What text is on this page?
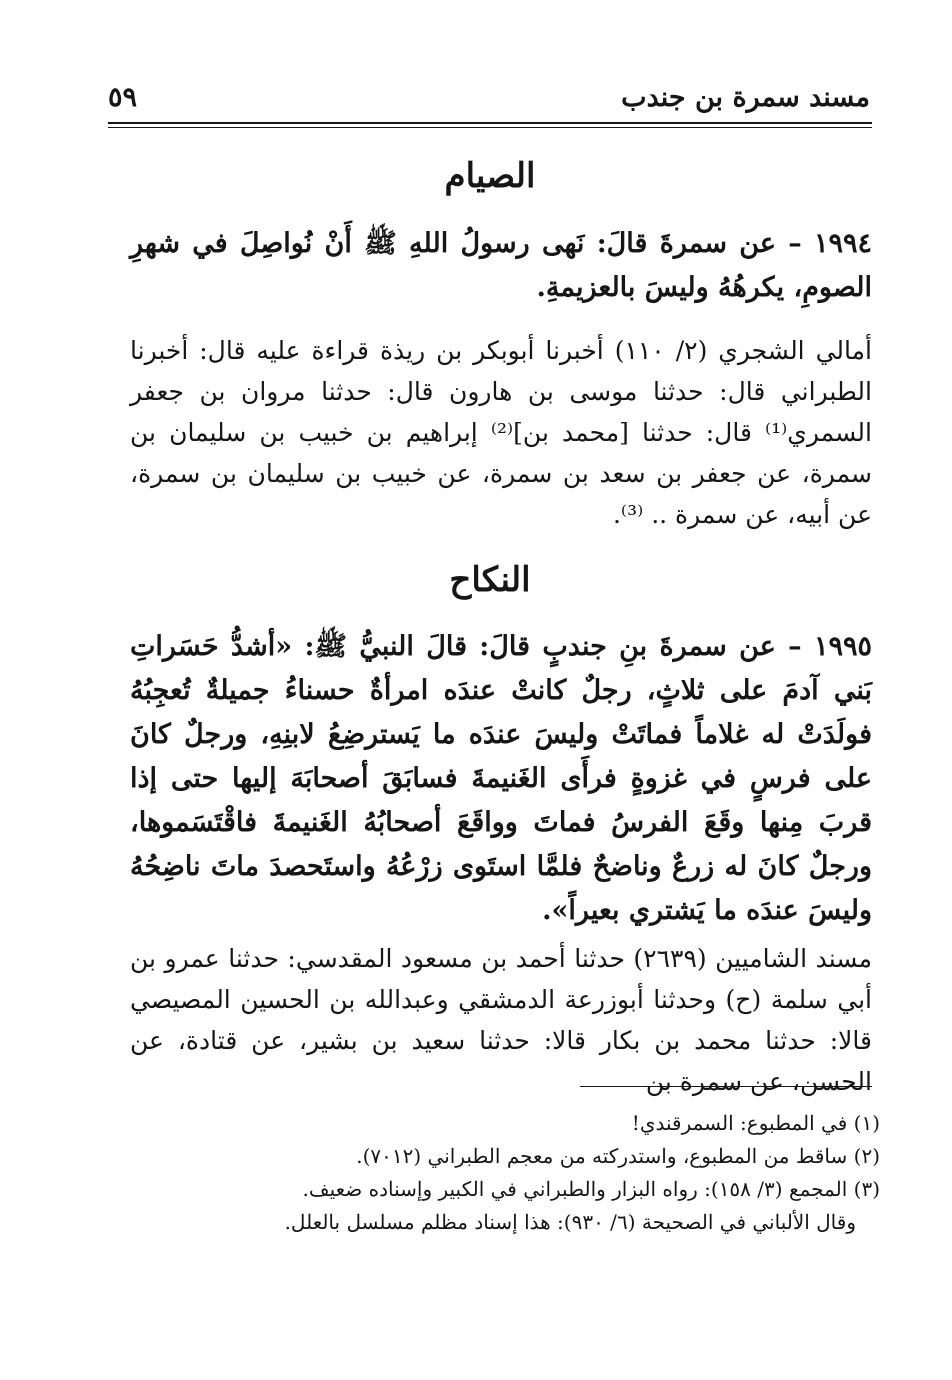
مسند سمرة بن جندب
٥٩
الصيام
١٩٩٤ – عن سمرةَ قالَ: نَهى رسولُ اللهِ ﷺ أَنْ نُواصِلَ في شهرِ الصومِ، يكرهُهُ وليسَ بالعزيمةِ.
أمالي الشجري (٢/ ١١٠) أخبرنا أبوبكر بن ريذة قراءة عليه قال: أخبرنا الطبراني قال: حدثنا موسى بن هارون قال: حدثنا مروان بن جعفر السمري⁽¹⁾ قال: حدثنا [محمد بن]⁽²⁾ إبراهيم بن خبيب بن سليمان بن سمرة، عن جعفر بن سعد بن سمرة، عن خبيب بن سليمان بن سمرة، عن أبيه، عن سمرة .. ⁽³⁾.
النكاح
١٩٩٥ – عن سمرةَ بنِ جندبٍ قالَ: قالَ النبيُّ ﷺ: «أشدُّ حَسَراتِ بَني آدمَ على ثلاثٍ، رجلٌ كانتْ عندَه امرأةٌ حسناءُ جميلةٌ تُعجِبُهُ فولَدَتْ له غلاماً فماتَتْ وليسَ عندَه ما يَسترضِعُ لابنِهِ، ورجلٌ كانَ على فرسٍ في غزوةٍ فرأَى الغَنيمةَ فسابَقَ أصحابَهَ إليها حتى إذا قربَ مِنها وقَعَ الفرسُ فماتَ وواقَعَ أصحابُهُ الغَنيمةَ فاقْتَسَموها، ورجلٌ كانَ له زرعٌ وناضحٌ فلمَّا استَوى زرْعُهُ واستَحصدَ ماتَ ناضِحُهُ وليسَ عندَه ما يَشتري بعيراً».
مسند الشاميين (٢٦٣٩) حدثنا أحمد بن مسعود المقدسي: حدثنا عمرو بن أبي سلمة (ح) وحدثنا أبوزرعة الدمشقي وعبدالله بن الحسين المصيصي قالا: حدثنا محمد بن بكار قالا: حدثنا سعيد بن بشير، عن قتادة، عن الحسن، عن سمرة بن
(١) في المطبوع: السمرقندي!
(٢) ساقط من المطبوع، واستدركته من معجم الطبراني (٧٠١٢).
(٣) المجمع (٣/ ١٥٨): رواه البزار والطبراني في الكبير وإسناده ضعيف.
وقال الألباني في الصحيحة (٦/ ٩٣٠): هذا إسناد مظلم مسلسل بالعلل.
